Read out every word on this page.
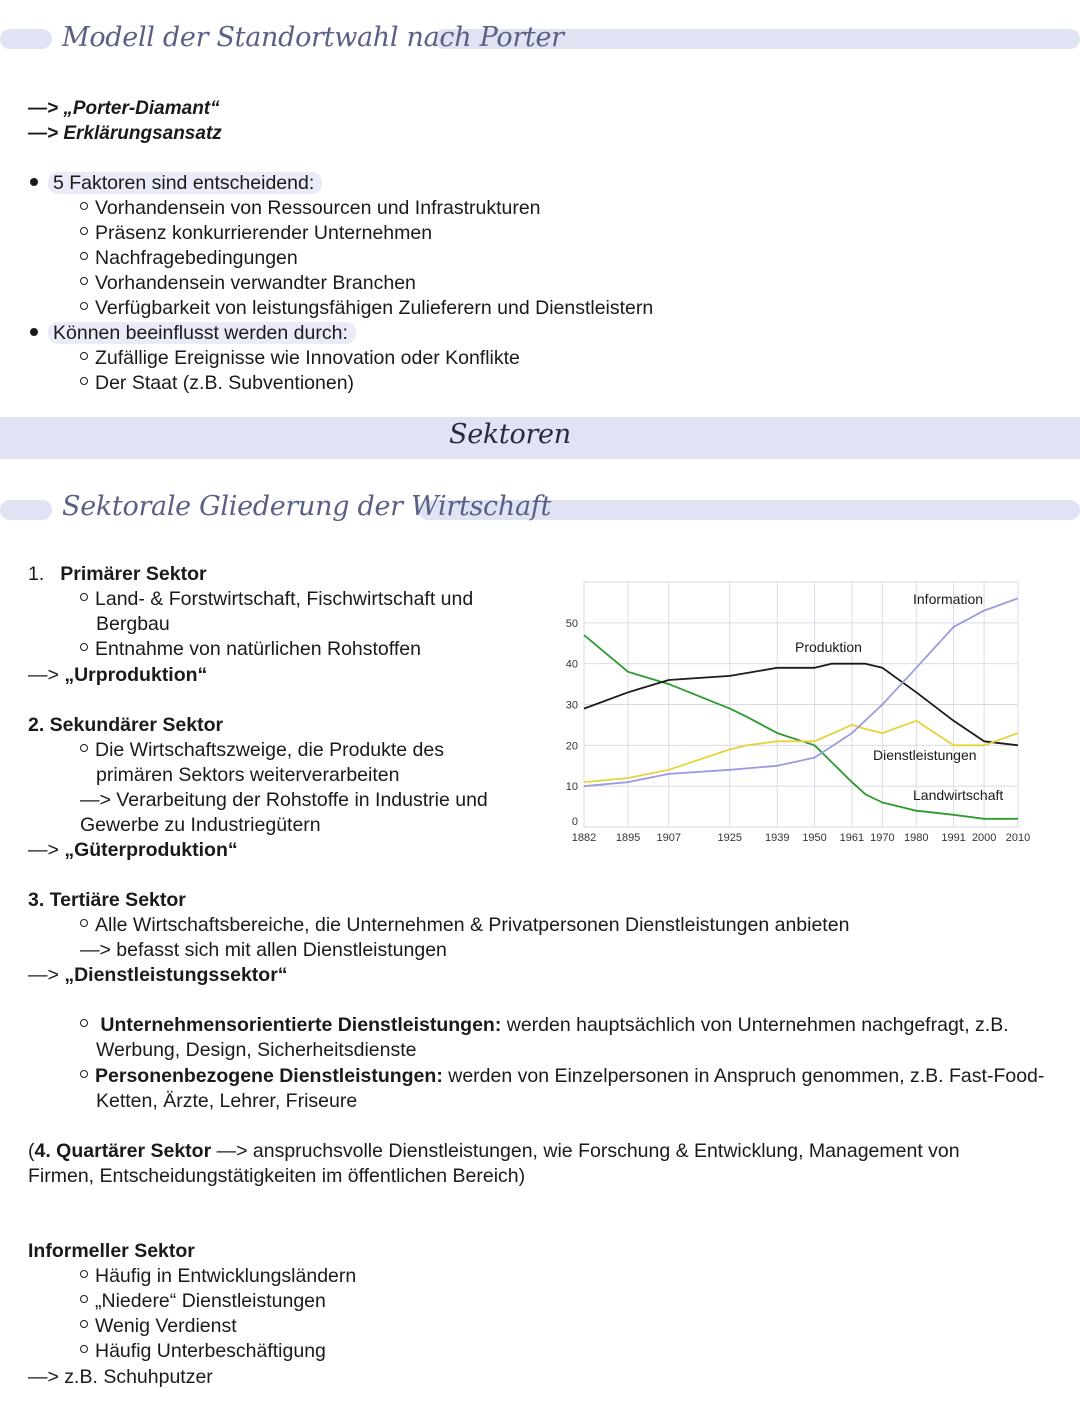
Modell der Standortwahl nach Porter
—> „Porter-Diamant“
—> Erklärungsansatz
5 Faktoren sind entscheidend:
Vorhandensein von Ressourcen und Infrastrukturen
Präsenz konkurrierender Unternehmen
Nachfragebedingungen
Vorhandensein verwandter Branchen
Verfügbarkeit von leistungsfähigen Zulieferern und Dienstleistern
Können beeinflusst werden durch:
Zufällige Ereignisse wie Innovation oder Konflikte
Der Staat (z.B. Subventionen)
Sektoren
Sektorale Gliederung der Wirtschaft
1. Primärer Sektor
Land- & Forstwirtschaft, Fischwirtschaft und
Bergbau
Entnahme von natürlichen Rohstoffen
—> „Urproduktion“
2. Sekundärer Sektor
Die Wirtschaftszweige, die Produkte des
primären Sektors weiterverarbeiten
—> Verarbeitung der Rohstoffe in Industrie und
Gewerbe zu Industriegütern
—> „Güterproduktion“
0
10
20
30
40
50
1882 1895 1907	1925 1939 1950 1961 1970 1980 1991 2000 2010
Information
Produktion
Dienstleistungen
Landwirtschaft
3. Tertiäre Sektor
Alle Wirtschaftsbereiche, die Unternehmen & Privatpersonen Dienstleistungen anbieten
—> befasst sich mit allen Dienstleistungen
—> „Dienstleistungssektor“
Unternehmensorientierte Dienstleistungen: werden hauptsächlich von Unternehmen nachgefragt, z.B.
Werbung, Design, Sicherheitsdienste
Personenbezogene Dienstleistungen: werden von Einzelpersonen in Anspruch genommen, z.B. Fast-Food-
Ketten, Ärzte, Lehrer, Friseure
(4. Quartärer Sektor —> anspruchsvolle Dienstleistungen, wie Forschung & Entwicklung, Management von
Firmen, Entscheidungstätigkeiten im öffentlichen Bereich)
Informeller Sektor
Häufig in Entwicklungsländern
„Niedere“ Dienstleistungen
Wenig Verdienst
Häufig Unterbeschäftigung
—> z.B. Schuhputzer
